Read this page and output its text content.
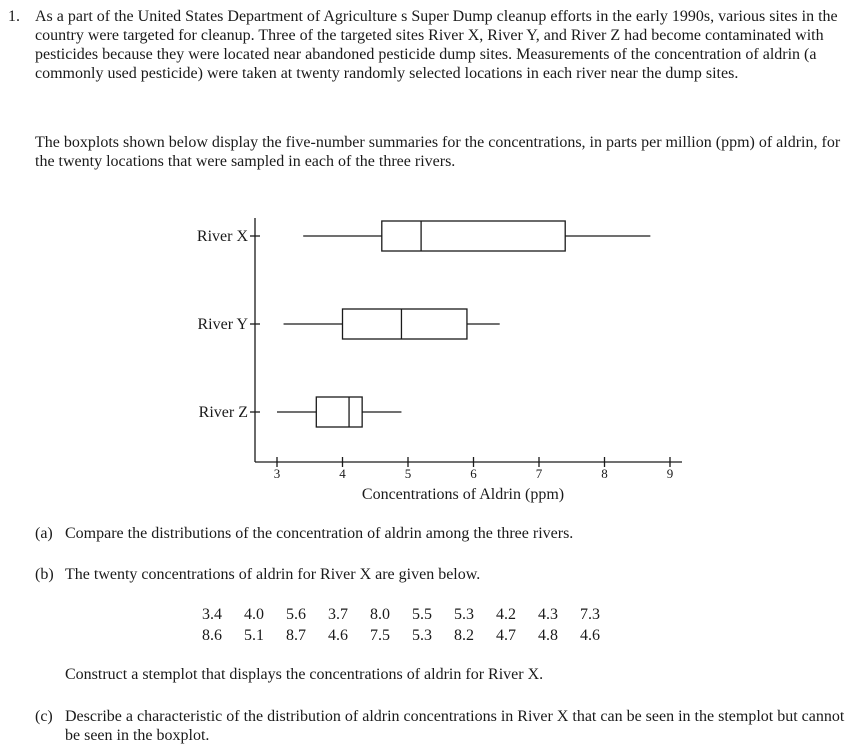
1. As a part of the United States Department of Agriculture s Super Dump cleanup efforts in the early 1990s, various sites in the country were targeted for cleanup. Three of the targeted sites River X, River Y, and River Z had become contaminated with pesticides because they were located near abandoned pesticide dump sites. Measurements of the concentration of aldrin (a commonly used pesticide) were taken at twenty randomly selected locations in each river near the dump sites.

The boxplots shown below display the five-number summaries for the concentrations, in parts per million (ppm) of aldrin, for the twenty locations that were sampled in each of the three rivers.

3	4	5	6	7	8	9
Concentrations of Aldrin (ppm)
River X
River Y
River Z

(a) Compare the distributions of the concentration of aldrin among the three rivers.

(b) The twenty concentrations of aldrin for River X are given below.

3.4 4.0 5.6 3.7 8.0 5.5 5.3 4.2 4.3 7.3
8.6 5.1 8.7 4.6 7.5 5.3 8.2 4.7 4.8 4.6

Construct a stemplot that displays the concentrations of aldrin for River X.

(c) Describe a characteristic of the distribution of aldrin concentrations in River X that can be seen in the stemplot but cannot be seen in the boxplot.
